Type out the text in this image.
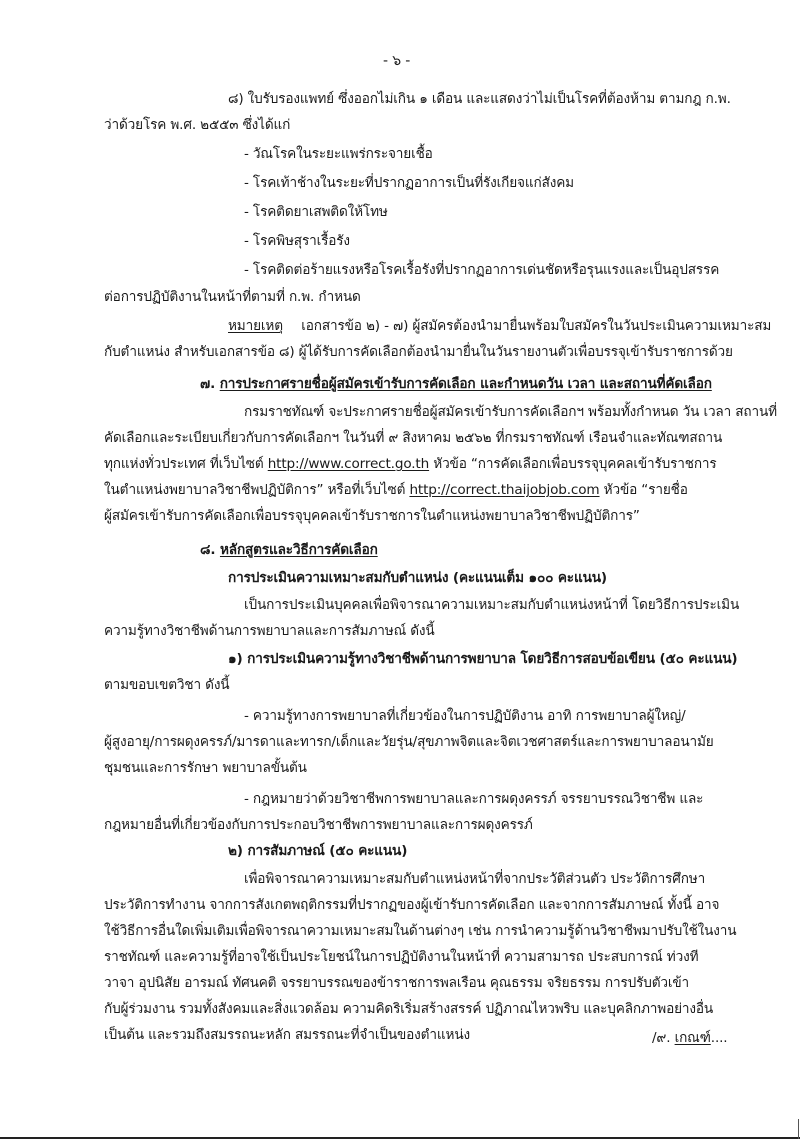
- ๖ -
๘) ใบรับรองแพทย์ ซึ่งออกไม่เกิน ๑ เดือน และแสดงว่าไม่เป็นโรคที่ต้องห้าม ตามกฎ ก.พ.
ว่าด้วยโรค พ.ศ. ๒๕๕๓ ซึ่งได้แก่
- วัณโรคในระยะแพร่กระจายเชื้อ
- โรคเท้าช้างในระยะที่ปรากฏอาการเป็นที่รังเกียจแก่สังคม
- โรคติดยาเสพติดให้โทษ
- โรคพิษสุราเรื้อรัง
- โรคติดต่อร้ายแรงหรือโรคเรื้อรังที่ปรากฏอาการเด่นชัดหรือรุนแรงและเป็นอุปสรรค
ต่อการปฏิบัติงานในหน้าที่ตามที่ ก.พ. กำหนด
หมายเหตุ เอกสารข้อ ๒) - ๗) ผู้สมัครต้องนำมายื่นพร้อมใบสมัครในวันประเมินความเหมาะสม
กับตำแหน่ง สำหรับเอกสารข้อ ๘) ผู้ได้รับการคัดเลือกต้องนำมายื่นในวันรายงานตัวเพื่อบรรจุเข้ารับราชการด้วย
๗. การประกาศรายชื่อผู้สมัครเข้ารับการคัดเลือก และกำหนดวัน เวลา และสถานที่คัดเลือก
กรมราชทัณฑ์ จะประกาศรายชื่อผู้สมัครเข้ารับการคัดเลือกฯ พร้อมทั้งกำหนด วัน เวลา สถานที่
คัดเลือกและระเบียบเกี่ยวกับการคัดเลือกฯ ในวันที่ ๙ สิงหาคม ๒๕๖๒ ที่กรมราชทัณฑ์ เรือนจำและทัณฑสถาน
ทุกแห่งทั่วประเทศ ที่เว็บไซต์ http://www.correct.go.th หัวข้อ “การคัดเลือกเพื่อบรรจุบุคคลเข้ารับราชการ
ในตำแหน่งพยาบาลวิชาชีพปฏิบัติการ” หรือที่เว็บไซต์ http://correct.thaijobjob.com หัวข้อ “รายชื่อ
ผู้สมัครเข้ารับการคัดเลือกเพื่อบรรจุบุคคลเข้ารับราชการในตำแหน่งพยาบาลวิชาชีพปฏิบัติการ”
๘. หลักสูตรและวิธีการคัดเลือก
การประเมินความเหมาะสมกับตำแหน่ง (คะแนนเต็ม ๑๐๐ คะแนน)
เป็นการประเมินบุคคลเพื่อพิจารณาความเหมาะสมกับตำแหน่งหน้าที่ โดยวิธีการประเมิน
ความรู้ทางวิชาชีพด้านการพยาบาลและการสัมภาษณ์ ดังนี้
๑) การประเมินความรู้ทางวิชาชีพด้านการพยาบาล โดยวิธีการสอบข้อเขียน (๕๐ คะแนน)
ตามขอบเขตวิชา ดังนี้
- ความรู้ทางการพยาบาลที่เกี่ยวข้องในการปฏิบัติงาน อาทิ การพยาบาลผู้ใหญ่/
ผู้สูงอายุ/การผดุงครรภ์/มารดาและทารก/เด็กและวัยรุ่น/สุขภาพจิตและจิตเวชศาสตร์และการพยาบาลอนามัย
ชุมชนและการรักษา พยาบาลขั้นต้น
- กฎหมายว่าด้วยวิชาชีพการพยาบาลและการผดุงครรภ์ จรรยาบรรณวิชาชีพ และ
กฎหมายอื่นที่เกี่ยวข้องกับการประกอบวิชาชีพการพยาบาลและการผดุงครรภ์
๒) การสัมภาษณ์ (๕๐ คะแนน)
เพื่อพิจารณาความเหมาะสมกับตำแหน่งหน้าที่จากประวัติส่วนตัว ประวัติการศึกษา
ประวัติการทำงาน จากการสังเกตพฤติกรรมที่ปรากฏของผู้เข้ารับการคัดเลือก และจากการสัมภาษณ์ ทั้งนี้ อาจ
ใช้วิธีการอื่นใดเพิ่มเติมเพื่อพิจารณาความเหมาะสมในด้านต่างๆ เช่น การนำความรู้ด้านวิชาชีพมาปรับใช้ในงาน
ราชทัณฑ์ และความรู้ที่อาจใช้เป็นประโยชน์ในการปฏิบัติงานในหน้าที่ ความสามารถ ประสบการณ์ ท่วงที
วาจา อุปนิสัย อารมณ์ ทัศนคติ จรรยาบรรณของข้าราชการพลเรือน คุณธรรม จริยธรรม การปรับตัวเข้า
กับผู้ร่วมงาน รวมทั้งสังคมและสิ่งแวดล้อม ความคิดริเริ่มสร้างสรรค์ ปฏิภาณไหวพริบ และบุคลิกภาพอย่างอื่น
เป็นต้น และรวมถึงสมรรถนะหลัก สมรรถนะที่จำเป็นของตำแหน่ง	/๙. เกณฑ์....
